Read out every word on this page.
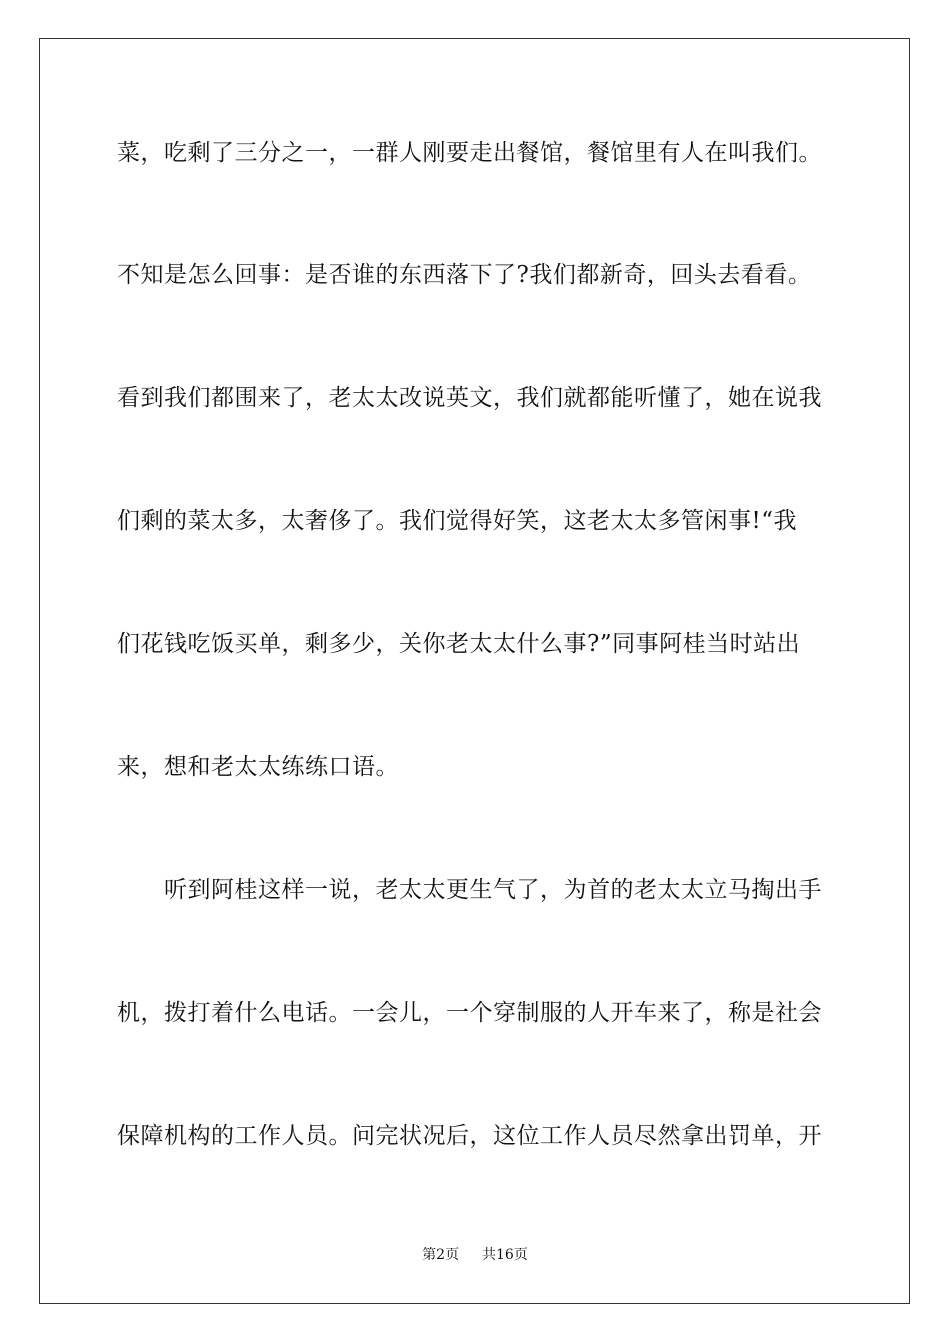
菜，吃剩了三分之一，一群人刚要走出餐馆，餐馆里有人在叫我们。
不知是怎么回事：是否谁的东西落下了?我们都新奇，回头去看看。
看到我们都围来了，老太太改说英文，我们就都能听懂了，她在说我
们剩的菜太多，太奢侈了。我们觉得好笑，这老太太多管闲事!“我
们花钱吃饭买单，剩多少，关你老太太什么事?”同事阿桂当时站出
来，想和老太太练练口语。
　　听到阿桂这样一说，老太太更生气了，为首的老太太立马掏出手
机，拨打着什么电话。一会儿，一个穿制服的人开车来了，称是社会
保障机构的工作人员。问完状况后，这位工作人员尽然拿出罚单，开
第2页 共16页
